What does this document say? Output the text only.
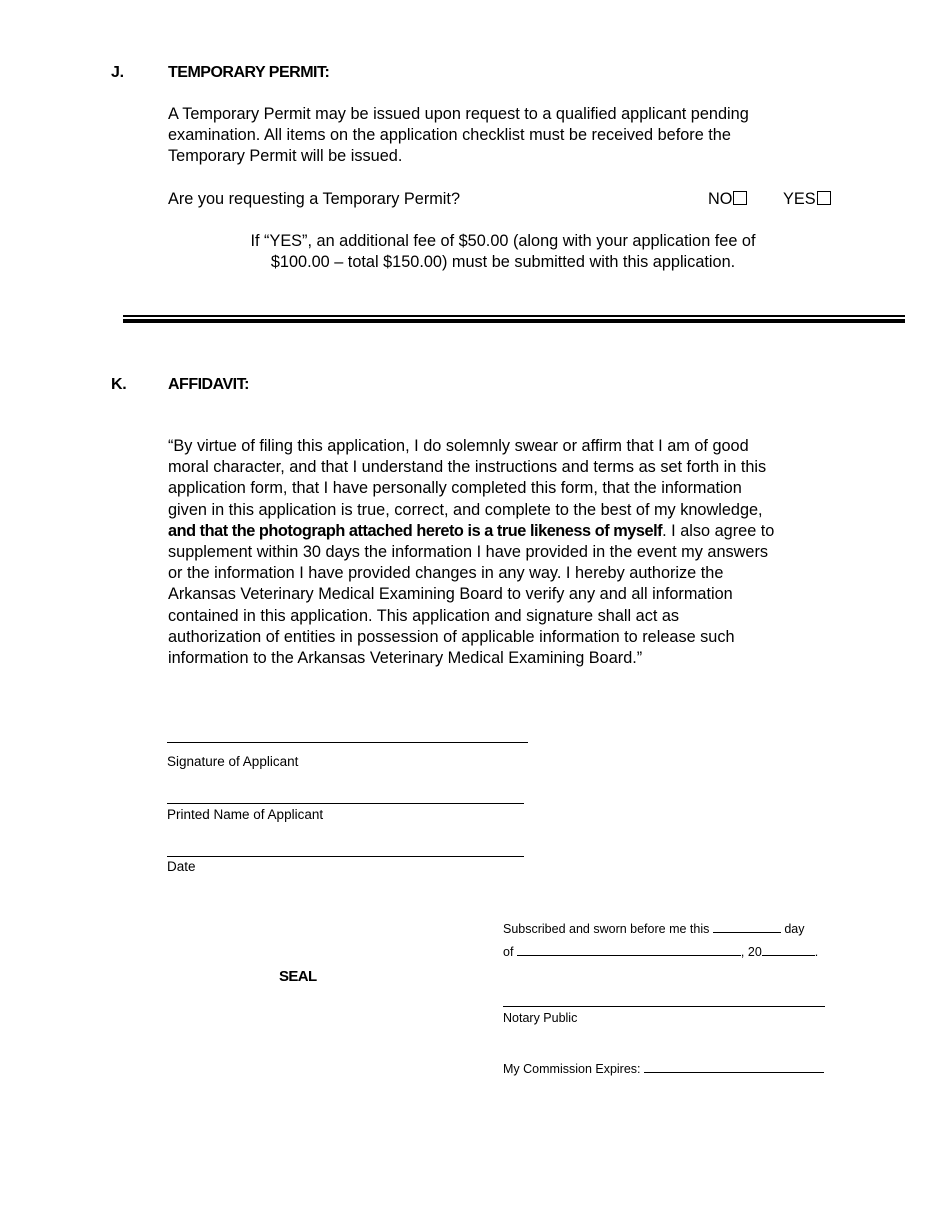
J.	TEMPORARY PERMIT:
A Temporary Permit may be issued upon request to a qualified applicant pending
examination. All items on the application checklist must be received before the
Temporary Permit will be issued.
Are you requesting a Temporary Permit?	NO	YES
If “YES”, an additional fee of $50.00 (along with your application fee of
$100.00 – total $150.00) must be submitted with this application.
K.	AFFIDAVIT:
“By virtue of filing this application, I do solemnly swear or affirm that I am of good
moral character, and that I understand the instructions and terms as set forth in this
application form, that I have personally completed this form, that the information
given in this application is true, correct, and complete to the best of my knowledge,
and that the photograph attached hereto is a true likeness of myself. I also agree to
supplement within 30 days the information I have provided in the event my answers
or the information I have provided changes in any way. I hereby authorize the
Arkansas Veterinary Medical Examining Board to verify any and all information
contained in this application. This application and signature shall act as
authorization of entities in possession of applicable information to release such
information to the Arkansas Veterinary Medical Examining Board.”
Signature of Applicant
Printed Name of Applicant
Date
SEAL
Subscribed and sworn before me this	day
of	, 20	.
Notary Public
My Commission Expires:
